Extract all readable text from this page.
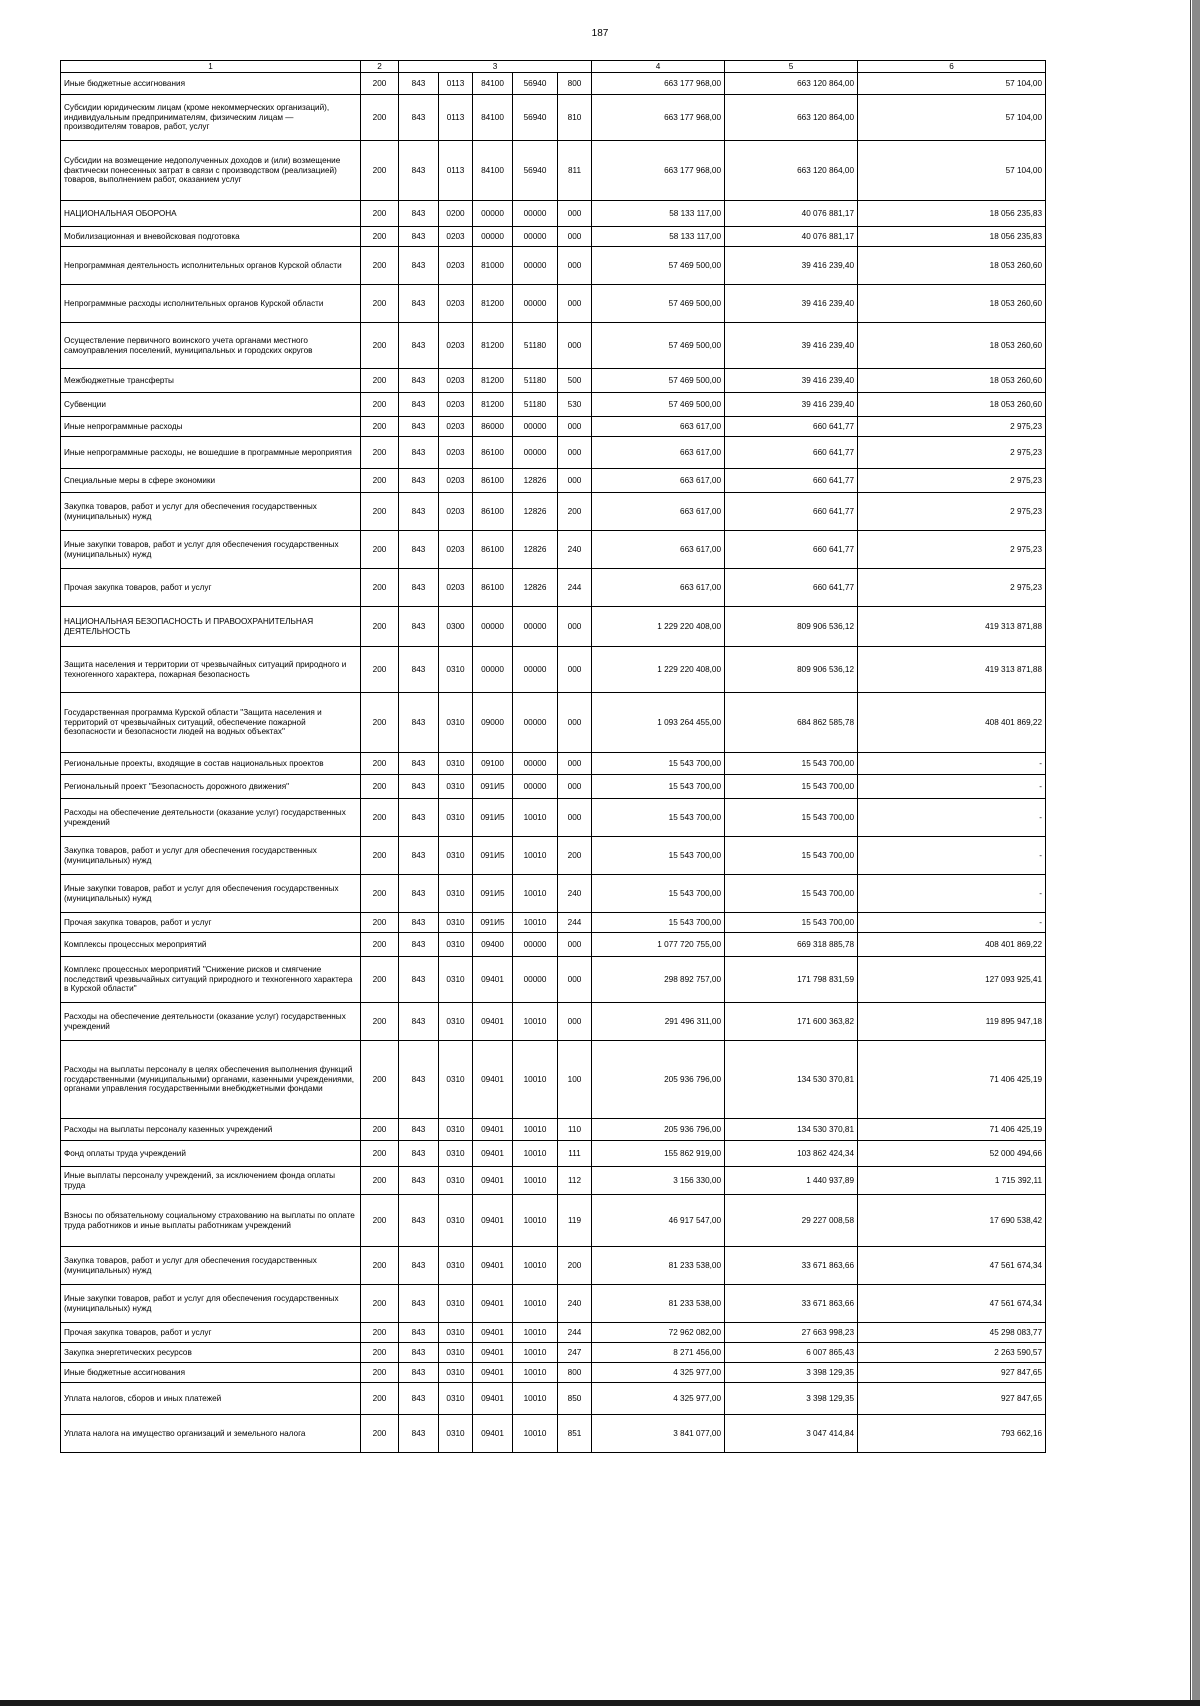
187
1	2	3					4	5	6
Иные бюджетные ассигнования	200	843	0113	84100	56940	800	663 177 968,00	663 120 864,00	57 104,00
Субсидии юридическим лицам (кроме некоммерческих организаций), индивидуальным предпринимателям, физическим лицам — производителям товаров, работ, услуг	200	843	0113	84100	56940	810	663 177 968,00	663 120 864,00	57 104,00
Субсидии на возмещение недополученных доходов и (или) возмещение фактически понесенных затрат в связи с производством (реализацией) товаров, выполнением работ, оказанием услуг	200	843	0113	84100	56940	811	663 177 968,00	663 120 864,00	57 104,00
НАЦИОНАЛЬНАЯ ОБОРОНА	200	843	0200	00000	00000	000	58 133 117,00	40 076 881,17	18 056 235,83
Мобилизационная и вневойсковая подготовка	200	843	0203	00000	00000	000	58 133 117,00	40 076 881,17	18 056 235,83
Непрограммная деятельность исполнительных органов Курской области	200	843	0203	81000	00000	000	57 469 500,00	39 416 239,40	18 053 260,60
Непрограммные расходы исполнительных органов Курской области	200	843	0203	81200	00000	000	57 469 500,00	39 416 239,40	18 053 260,60
Осуществление первичного воинского учета органами местного самоуправления поселений, муниципальных и городских округов	200	843	0203	81200	51180	000	57 469 500,00	39 416 239,40	18 053 260,60
Межбюджетные трансферты	200	843	0203	81200	51180	500	57 469 500,00	39 416 239,40	18 053 260,60
Субвенции	200	843	0203	81200	51180	530	57 469 500,00	39 416 239,40	18 053 260,60
Иные непрограммные расходы	200	843	0203	86000	00000	000	663 617,00	660 641,77	2 975,23
Иные непрограммные расходы, не вошедшие в программные мероприятия	200	843	0203	86100	00000	000	663 617,00	660 641,77	2 975,23
Специальные меры в сфере экономики	200	843	0203	86100	12826	000	663 617,00	660 641,77	2 975,23
Закупка товаров, работ и услуг для обеспечения государственных (муниципальных) нужд	200	843	0203	86100	12826	200	663 617,00	660 641,77	2 975,23
Иные закупки товаров, работ и услуг для обеспечения государственных (муниципальных) нужд	200	843	0203	86100	12826	240	663 617,00	660 641,77	2 975,23
Прочая закупка товаров, работ и услуг	200	843	0203	86100	12826	244	663 617,00	660 641,77	2 975,23
НАЦИОНАЛЬНАЯ БЕЗОПАСНОСТЬ И ПРАВООХРАНИТЕЛЬНАЯ ДЕЯТЕЛЬНОСТЬ	200	843	0300	00000	00000	000	1 229 220 408,00	809 906 536,12	419 313 871,88
Защита населения и территории от чрезвычайных ситуаций природного и техногенного характера, пожарная безопасность	200	843	0310	00000	00000	000	1 229 220 408,00	809 906 536,12	419 313 871,88
Государственная программа Курской области "Защита населения и территорий от чрезвычайных ситуаций, обеспечение пожарной безопасности и безопасности людей на водных объектах"	200	843	0310	09000	00000	000	1 093 264 455,00	684 862 585,78	408 401 869,22
Региональные проекты, входящие в состав национальных проектов	200	843	0310	09100	00000	000	15 543 700,00	15 543 700,00	-
Региональный проект "Безопасность дорожного движения"	200	843	0310	091И5	00000	000	15 543 700,00	15 543 700,00	-
Расходы на обеспечение деятельности (оказание услуг) государственных учреждений	200	843	0310	091И5	10010	000	15 543 700,00	15 543 700,00	-
Закупка товаров, работ и услуг для обеспечения государственных (муниципальных) нужд	200	843	0310	091И5	10010	200	15 543 700,00	15 543 700,00	-
Иные закупки товаров, работ и услуг для обеспечения государственных (муниципальных) нужд	200	843	0310	091И5	10010	240	15 543 700,00	15 543 700,00	-
Прочая закупка товаров, работ и услуг	200	843	0310	091И5	10010	244	15 543 700,00	15 543 700,00	-
Комплексы процессных мероприятий	200	843	0310	09400	00000	000	1 077 720 755,00	669 318 885,78	408 401 869,22
Комплекс процессных мероприятий "Снижение рисков и смягчение последствий чрезвычайных ситуаций природного и техногенного характера в Курской области"	200	843	0310	09401	00000	000	298 892 757,00	171 798 831,59	127 093 925,41
Расходы на обеспечение деятельности (оказание услуг) государственных учреждений	200	843	0310	09401	10010	000	291 496 311,00	171 600 363,82	119 895 947,18
Расходы на выплаты персоналу в целях обеспечения выполнения функций государственными (муниципальными) органами, казенными учреждениями, органами управления государственными внебюджетными фондами	200	843	0310	09401	10010	100	205 936 796,00	134 530 370,81	71 406 425,19
Расходы на выплаты персоналу казенных учреждений	200	843	0310	09401	10010	110	205 936 796,00	134 530 370,81	71 406 425,19
Фонд оплаты труда учреждений	200	843	0310	09401	10010	111	155 862 919,00	103 862 424,34	52 000 494,66
Иные выплаты персоналу учреждений, за исключением фонда оплаты труда	200	843	0310	09401	10010	112	3 156 330,00	1 440 937,89	1 715 392,11
Взносы по обязательному социальному страхованию на выплаты по оплате труда работников и иные выплаты работникам учреждений	200	843	0310	09401	10010	119	46 917 547,00	29 227 008,58	17 690 538,42
Закупка товаров, работ и услуг для обеспечения государственных (муниципальных) нужд	200	843	0310	09401	10010	200	81 233 538,00	33 671 863,66	47 561 674,34
Иные закупки товаров, работ и услуг для обеспечения государственных (муниципальных) нужд	200	843	0310	09401	10010	240	81 233 538,00	33 671 863,66	47 561 674,34
Прочая закупка товаров, работ и услуг	200	843	0310	09401	10010	244	72 962 082,00	27 663 998,23	45 298 083,77
Закупка энергетических ресурсов	200	843	0310	09401	10010	247	8 271 456,00	6 007 865,43	2 263 590,57
Иные бюджетные ассигнования	200	843	0310	09401	10010	800	4 325 977,00	3 398 129,35	927 847,65
Уплата налогов, сборов и иных платежей	200	843	0310	09401	10010	850	4 325 977,00	3 398 129,35	927 847,65
Уплата налога на имущество организаций и земельного налога	200	843	0310	09401	10010	851	3 841 077,00	3 047 414,84	793 662,16
